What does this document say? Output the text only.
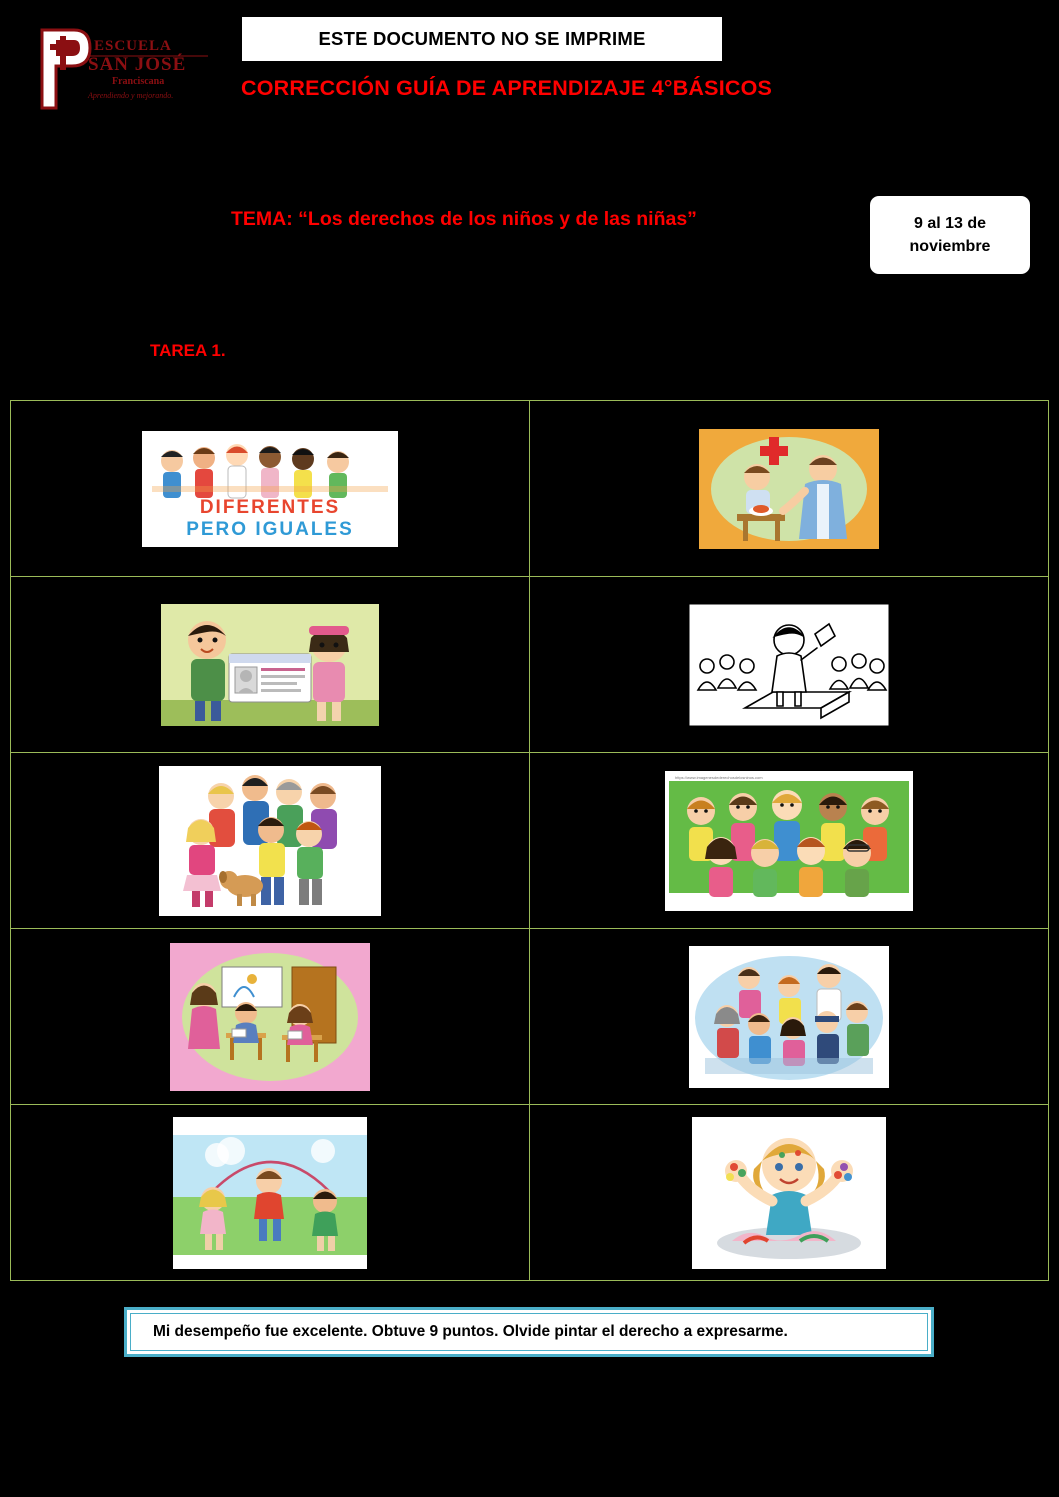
ESCUELA
SAN JOSÉ
Franciscana
Aprendiendo y mejorando.
ESTE DOCUMENTO NO SE IMPRIME
CORRECCIÓN GUÍA DE APRENDIZAJE 4°BÁSICOS
TEMA: “Los derechos de los niños y de las niñas”	9 al 13 de noviembre
TAREA 1.
DIFERENTES
PERO IGUALES

https://www.imagenesdederechosdelosninos.com

Mi desempeño fue excelente. Obtuve 9 puntos. Olvide pintar el derecho a expresarme.
